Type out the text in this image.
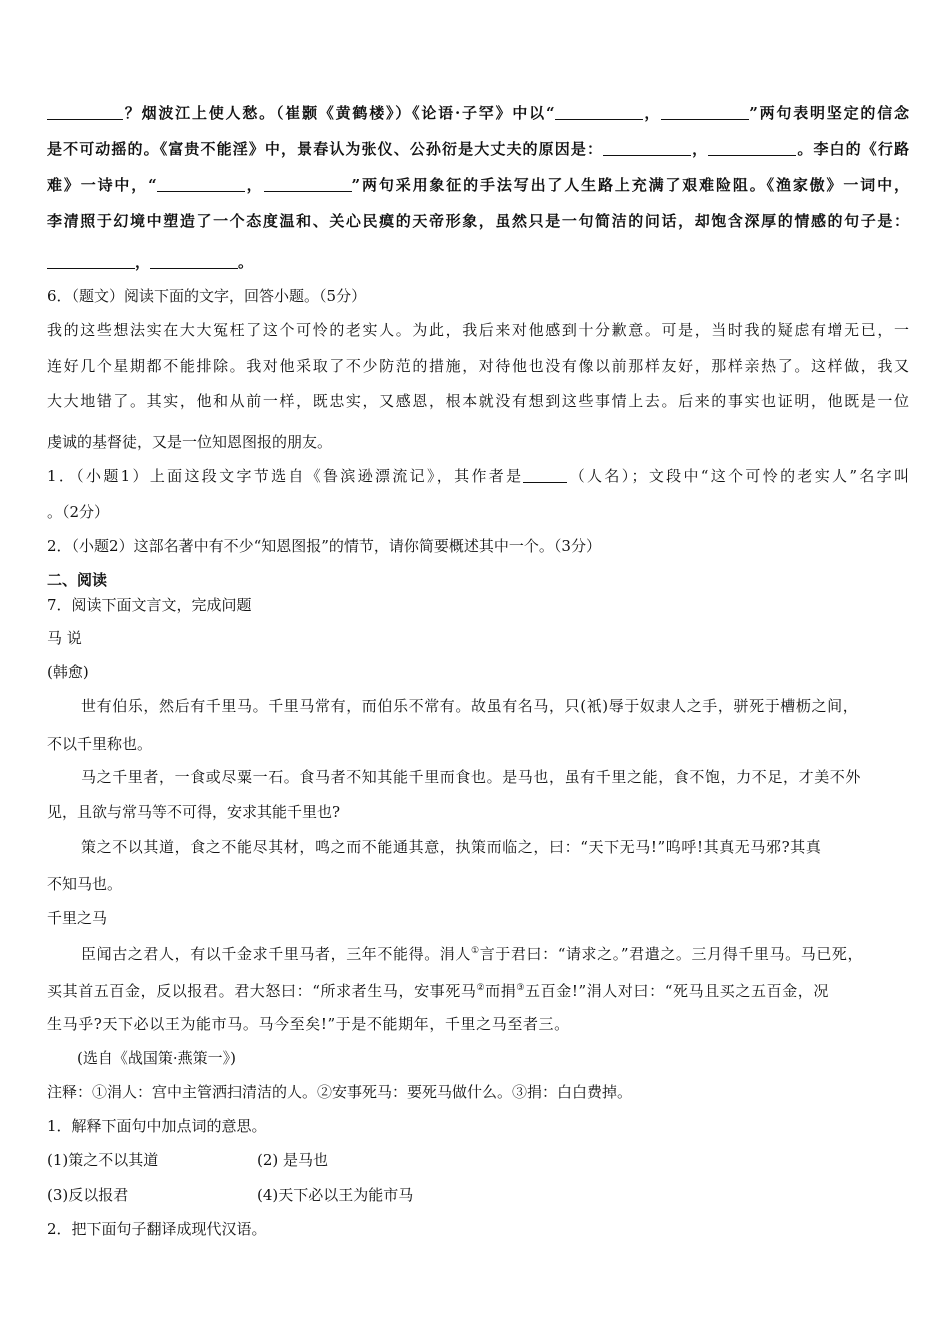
？烟波江上使人愁。（崔颢《黄鹤楼》）《论语·子罕》中以“	，	”两句表明坚定的信念
是不可动摇的。《富贵不能淫》中，景春认为张仪、公孙衍是大丈夫的原因是：	，	。李白的《行路
难》一诗中，“	，	”两句采用象征的手法写出了人生路上充满了艰难险阻。《渔家傲》一词中，
李清照于幻境中塑造了一个态度温和、关心民瘼的天帝形象，虽然只是一句简洁的问话，却饱含深厚的情感的句子是：
，	。
6．（题文）阅读下面的文字，回答小题。（5分）
我的这些想法实在大大冤枉了这个可怜的老实人。为此，我后来对他感到十分歉意。可是，当时我的疑虑有增无已，一
连好几个星期都不能排除。我对他采取了不少防范的措施，对待他也没有像以前那样友好，那样亲热了。这样做，我又
大大地错了。其实，他和从前一样，既忠实，又感恩，根本就没有想到这些事情上去。后来的事实也证明，他既是一位
虔诚的基督徒，又是一位知恩图报的朋友。
1．（小题1）上面这段文字节选自《鲁滨逊漂流记》，其作者是	（人名）；文段中“这个可怜的老实人”名字叫
。（2分）
2．（小题2）这部名著中有不少“知恩图报”的情节，请你简要概述其中一个。（3分）
二、阅读
7．阅读下面文言文，完成问题
马 说
(韩愈)
世有伯乐，然后有千里马。千里马常有，而伯乐不常有。故虽有名马，只(衹)辱于奴隶人之手，骈死于槽枥之间，
不以千里称也。
马之千里者，一食或尽粟一石。食马者不知其能千里而食也。是马也，虽有千里之能，食不饱，力不足，才美不外
见，且欲与常马等不可得，安求其能千里也?
策之不以其道，食之不能尽其材，鸣之而不能通其意，执策而临之，曰：“天下无马!”呜呼!其真无马邪?其真
不知马也。
千里之马
臣闻古之君人，有以千金求千里马者，三年不能得。涓人①言于君曰：“请求之。”君遣之。三月得千里马。马已死，
买其首五百金，反以报君。君大怒曰：“所求者生马，安事死马②而捐③五百金!”涓人对曰：“死马且买之五百金，况
生马乎?天下必以王为能市马。马今至矣!”于是不能期年，千里之马至者三。
(选自《战国策·燕策一》)
注释：①涓人：宫中主管洒扫清洁的人。②安事死马：要死马做什么。③捐：白白费掉。
1．解释下面句中加点词的意思。
(1)策之不以其道	(2) 是马也
(3)反以报君	(4)天下必以王为能市马
2．把下面句子翻译成现代汉语。
